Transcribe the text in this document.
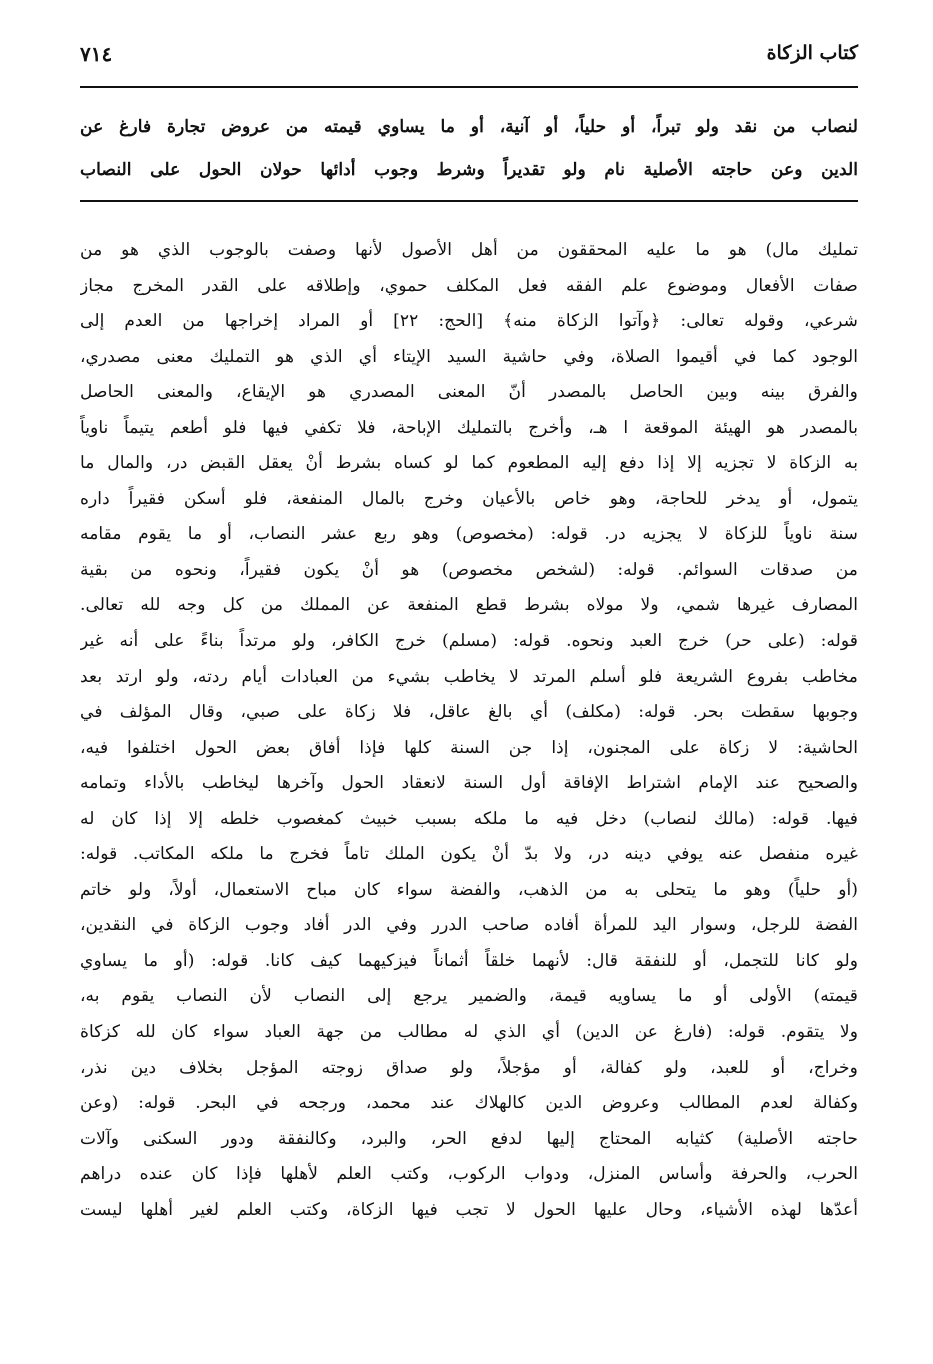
كتاب الزكاة
٧١٤
لنصاب من نقد ولو تبراً، أو حلياً، أو آنية، أو ما يساوي قيمته من عروض تجارة فارغ عن
الدين وعن حاجته الأصلية نام ولو تقديراً وشرط وجوب أدائها حولان الحول على النصاب
تمليك مال) هو ما عليه المحققون من أهل الأصول لأنها وصفت بالوجوب الذي هو من
صفات الأفعال وموضوع علم الفقه فعل المكلف حموي، وإطلاقه على القدر المخرج مجاز
شرعي، وقوله تعالى: ﴿وآتوا الزكاة منه﴾ [الحج: ٢٢] أو المراد إخراجها من العدم إلى
الوجود كما في أقيموا الصلاة، وفي حاشية السيد الإيتاء أي الذي هو التمليك معنى مصدري،
والفرق بينه وبين الحاصل بالمصدر أنّ المعنى المصدري هو الإيقاع، والمعنى الحاصل
بالمصدر هو الهيئة الموقعة ا هـ، وأخرج بالتمليك الإباحة، فلا تكفي فيها فلو أطعم يتيماً ناوياً
به الزكاة لا تجزيه إلا إذا دفع إليه المطعوم كما لو كساه بشرط أنْ يعقل القبض در، والمال ما
يتمول، أو يدخر للحاجة، وهو خاص بالأعيان وخرج بالمال المنفعة، فلو أسكن فقيراً داره
سنة ناوياً للزكاة لا يجزيه در. قوله: (مخصوص) وهو ربع عشر النصاب، أو ما يقوم مقامه
من صدقات السوائم. قوله: (لشخص مخصوص) هو أنْ يكون فقيراً، ونحوه من بقية
المصارف غيرها شمي، ولا مولاه بشرط قطع المنفعة عن المملك من كل وجه لله تعالى.
قوله: (على حر) خرج العبد ونحوه. قوله: (مسلم) خرج الكافر، ولو مرتداً بناءً على أنه غير
مخاطب بفروع الشريعة فلو أسلم المرتد لا يخاطب بشيء من العبادات أيام ردته، ولو ارتد بعد
وجوبها سقطت بحر. قوله: (مكلف) أي بالغ عاقل، فلا زكاة على صبي، وقال المؤلف في
الحاشية: لا زكاة على المجنون، إذا جن السنة كلها فإذا أفاق بعض الحول اختلفوا فيه،
والصحيح عند الإمام اشتراط الإفاقة أول السنة لانعقاد الحول وآخرها ليخاطب بالأداء وتمامه
فيها. قوله: (مالك لنصاب) دخل فيه ما ملكه بسبب خبيث كمغصوب خلطه إلا إذا كان له
غيره منفصل عنه يوفي دينه در، ولا بدّ أنْ يكون الملك تاماً فخرج ما ملكه المكاتب. قوله:
(أو حلياً) وهو ما يتحلى به من الذهب، والفضة سواء كان مباح الاستعمال، أولاً، ولو خاتم
الفضة للرجل، وسوار اليد للمرأة أفاده صاحب الدرر وفي الدر أفاد وجوب الزكاة في النقدين،
ولو كانا للتجمل، أو للنفقة قال: لأنهما خلقاً أثماناً فيزكيهما كيف كانا. قوله: (أو ما يساوي
قيمته) الأولى أو ما يساويه قيمة، والضمير يرجع إلى النصاب لأن النصاب يقوم به،
ولا يتقوم. قوله: (فارغ عن الدين) أي الذي له مطالب من جهة العباد سواء كان لله كزكاة
وخراج، أو للعبد، ولو كفالة، أو مؤجلاً، ولو صداق زوجته المؤجل بخلاف دين نذر،
وكفالة لعدم المطالب وعروض الدين كالهلاك عند محمد، ورجحه في البحر. قوله: (وعن
حاجته الأصلية) كثيابه المحتاج إليها لدفع الحر، والبرد، وكالنفقة ودور السكنى وآلات
الحرب، والحرفة وأساس المنزل، ودواب الركوب، وكتب العلم لأهلها فإذا كان عنده دراهم
أعدّها لهذه الأشياء، وحال عليها الحول لا تجب فيها الزكاة، وكتب العلم لغير أهلها ليست
